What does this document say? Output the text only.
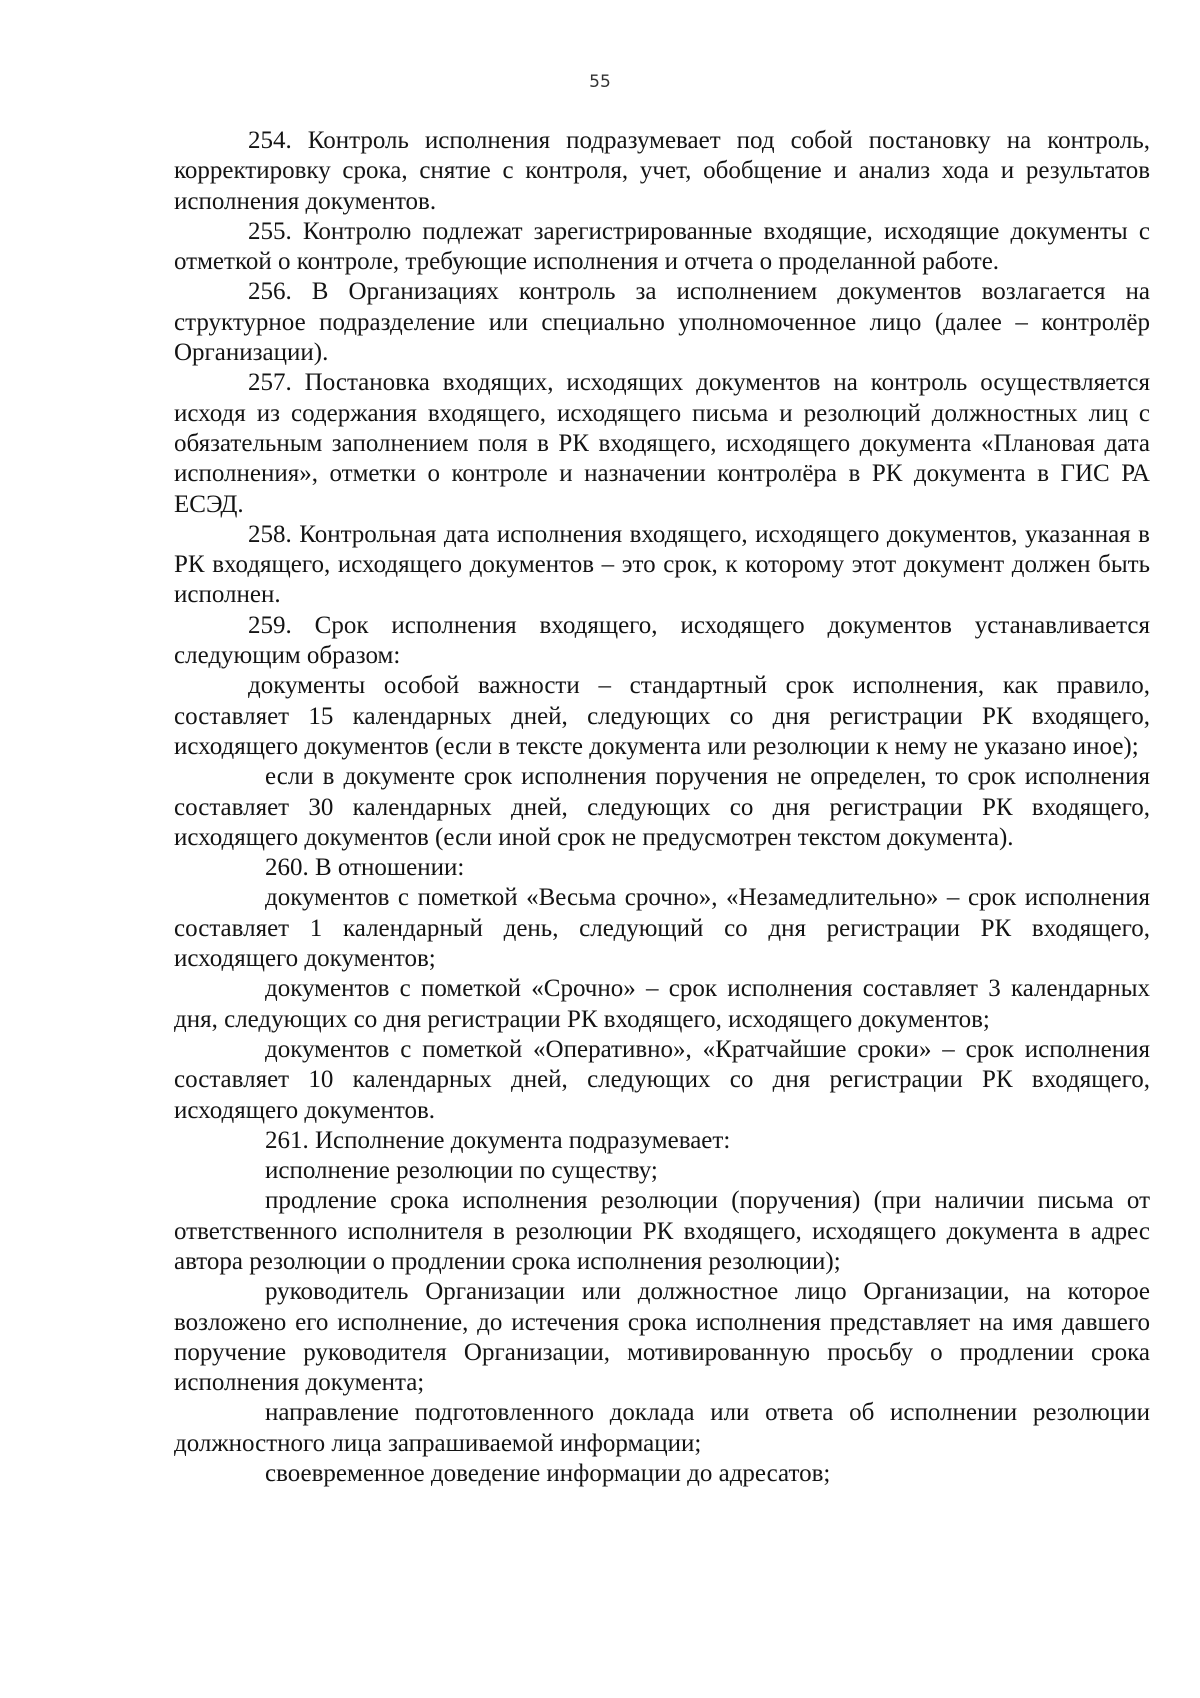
55

254. Контроль исполнения подразумевает под собой постановку на контроль, корректировку срока, снятие с контроля, учет, обобщение и анализ хода и результатов исполнения документов.

255. Контролю подлежат зарегистрированные входящие, исходящие документы с отметкой о контроле, требующие исполнения и отчета о проделанной работе.

256. В Организациях контроль за исполнением документов возлагается на структурное подразделение или специально уполномоченное лицо (далее – контролёр Организации).

257. Постановка входящих, исходящих документов на контроль осуществляется исходя из содержания входящего, исходящего письма и резолюций должностных лиц с обязательным заполнением поля в РК входящего, исходящего документа «Плановая дата исполнения», отметки о контроле и назначении контролёра в РК документа в ГИС РА ЕСЭД.

258. Контрольная дата исполнения входящего, исходящего документов, указанная в РК входящего, исходящего документов – это срок, к которому этот документ должен быть исполнен.

259. Срок исполнения входящего, исходящего документов устанавливается следующим образом:

документы особой важности – стандартный срок исполнения, как правило, составляет 15 календарных дней, следующих со дня регистрации РК входящего, исходящего документов (если в тексте документа или резолюции к нему не указано иное);

если в документе срок исполнения поручения не определен, то срок исполнения составляет 30 календарных дней, следующих со дня регистрации РК входящего, исходящего документов (если иной срок не предусмотрен текстом документа).

260. В отношении:

документов с пометкой «Весьма срочно», «Незамедлительно» – срок исполнения составляет 1 календарный день, следующий со дня регистрации РК входящего, исходящего документов;

документов с пометкой «Срочно» – срок исполнения составляет 3 календарных дня, следующих со дня регистрации РК входящего, исходящего документов;

документов с пометкой «Оперативно», «Кратчайшие сроки» – срок исполнения составляет 10 календарных дней, следующих со дня регистрации РК входящего, исходящего документов.

261. Исполнение документа подразумевает:

исполнение резолюции по существу;

продление срока исполнения резолюции (поручения) (при наличии письма от ответственного исполнителя в резолюции РК входящего, исходящего документа в адрес автора резолюции о продлении срока исполнения резолюции);

руководитель Организации или должностное лицо Организации, на которое возложено его исполнение, до истечения срока исполнения представляет на имя давшего поручение руководителя Организации, мотивированную просьбу о продлении срока исполнения документа;

направление подготовленного доклада или ответа об исполнении резолюции должностного лица запрашиваемой информации;

своевременное доведение информации до адресатов;
